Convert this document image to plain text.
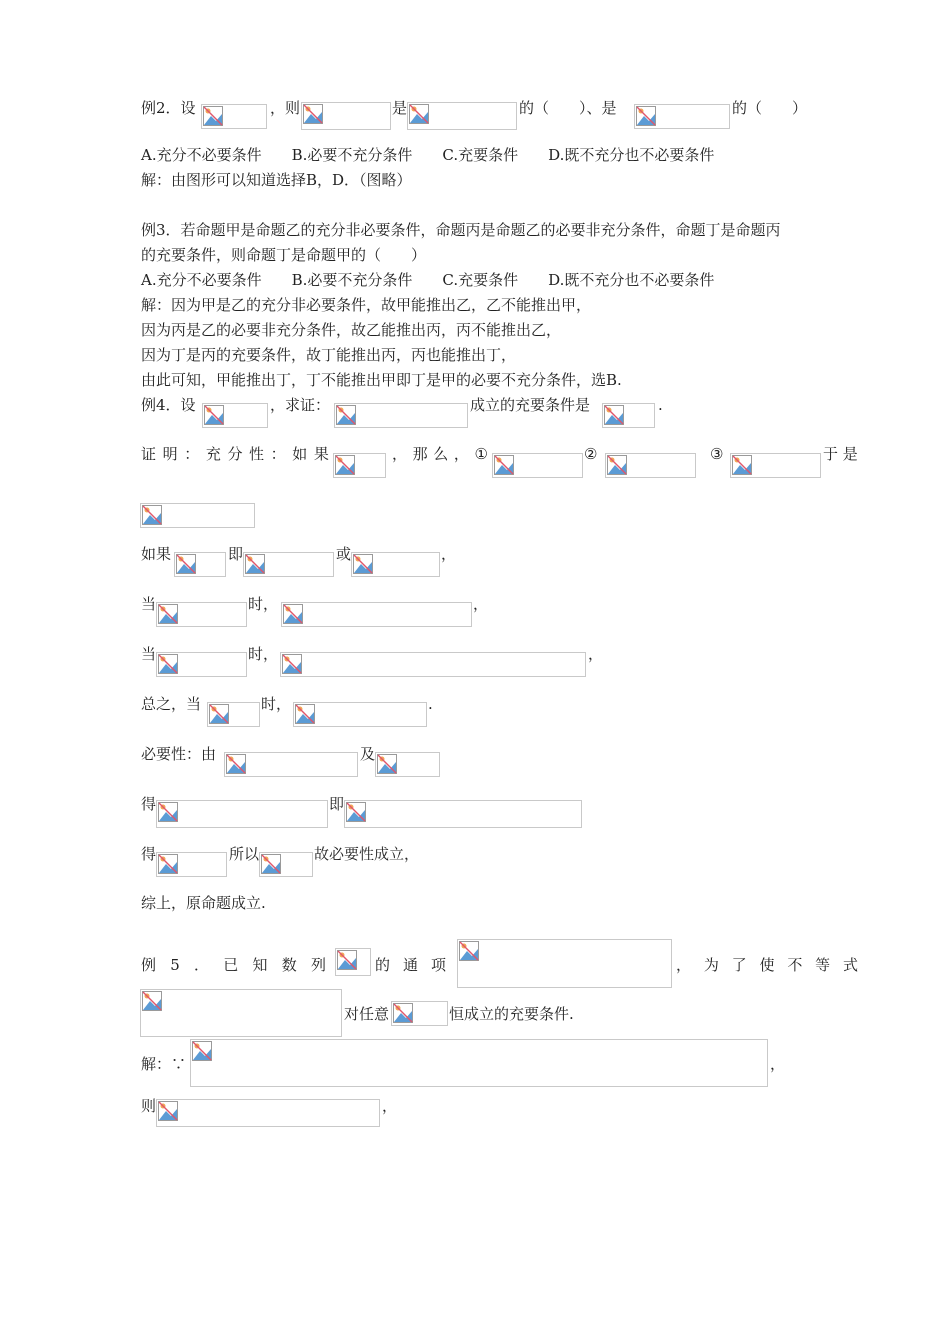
例2．设	，则	是	的（　　）、是	的（　　）
A.充分不必要条件　　B.必要不充分条件　　C.充要条件　　D.既不充分也不必要条件
解：由图形可以知道选择B，D．（图略）
例3．若命题甲是命题乙的充分非必要条件，命题丙是命题乙的必要非充分条件，命题丁是命题丙
的充要条件，则命题丁是命题甲的（　　）
A.充分不必要条件　　B.必要不充分条件　　C.充要条件　　D.既不充分也不必要条件
解：因为甲是乙的充分非必要条件，故甲能推出乙，乙不能推出甲，
因为丙是乙的必要非充分条件，故乙能推出丙，丙不能推出乙，
因为丁是丙的充要条件，故丁能推出丙，丙也能推出丁，
由此可知，甲能推出丁，丁不能推出甲即丁是甲的必要不充分条件，选B.
例4．设	，求证：	成立的充要条件是	.
证 明 ： 充 分 性 ： 如 果	， 那 么 ， ①	②	③	于 是
如果	即	或	，
当	时，	，
当	时，	，
总之，当	时，	.
必要性：由	及
得	即
得	所以	故必要性成立，
综上，原命题成立.
例 5 ． 已 知 数 列	的 通 项	， 为 了 使 不 等 式
对任意	恒成立的充要条件.
解：∵	，
则	，
